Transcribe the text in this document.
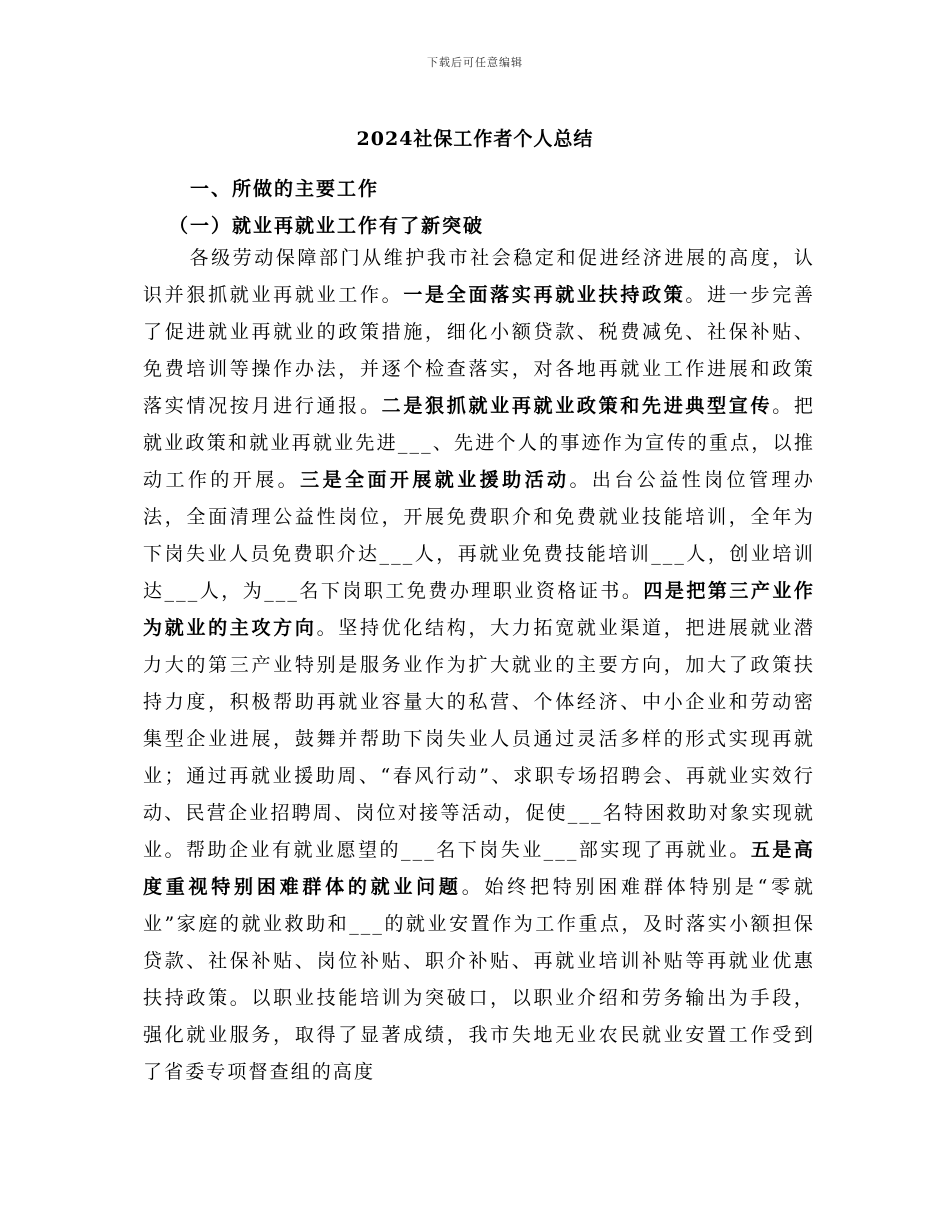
下载后可任意编辑
2024社保工作者个人总结
一、所做的主要工作
（一）就业再就业工作有了新突破

各级劳动保障部门从维护我市社会稳定和促进经济进展的高度，认识并狠抓就业再就业工作。一是全面落实再就业扶持政策。进一步完善了促进就业再就业的政策措施，细化小额贷款、税费减免、社保补贴、免费培训等操作办法，并逐个检查落实，对各地再就业工作进展和政策落实情况按月进行通报。二是狠抓就业再就业政策和先进典型宣传。把就业政策和就业再就业先进___、先进个人的事迹作为宣传的重点，以推动工作的开展。三是全面开展就业援助活动。出台公益性岗位管理办法，全面清理公益性岗位，开展免费职介和免费就业技能培训，全年为下岗失业人员免费职介达___人，再就业免费技能培训___人，创业培训达___人，为___名下岗职工免费办理职业资格证书。四是把第三产业作为就业的主攻方向。坚持优化结构，大力拓宽就业渠道，把进展就业潜力大的第三产业特别是服务业作为扩大就业的主要方向，加大了政策扶持力度，积极帮助再就业容量大的私营、个体经济、中小企业和劳动密集型企业进展，鼓舞并帮助下岗失业人员通过灵活多样的形式实现再就业；通过再就业援助周、“春风行动”、求职专场招聘会、再就业实效行动、民营企业招聘周、岗位对接等活动，促使___名特困救助对象实现就业。帮助企业有就业愿望的___名下岗失业___部实现了再就业。五是高度重视特别困难群体的就业问题。始终把特别困难群体特别是“零就业”家庭的就业救助和___的就业安置作为工作重点，及时落实小额担保贷款、社保补贴、岗位补贴、职介补贴、再就业培训补贴等再就业优惠扶持政策。以职业技能培训为突破口，以职业介绍和劳务输出为手段，强化就业服务，取得了显著成绩，我市失地无业农民就业安置工作受到了省委专项督查组的高度
